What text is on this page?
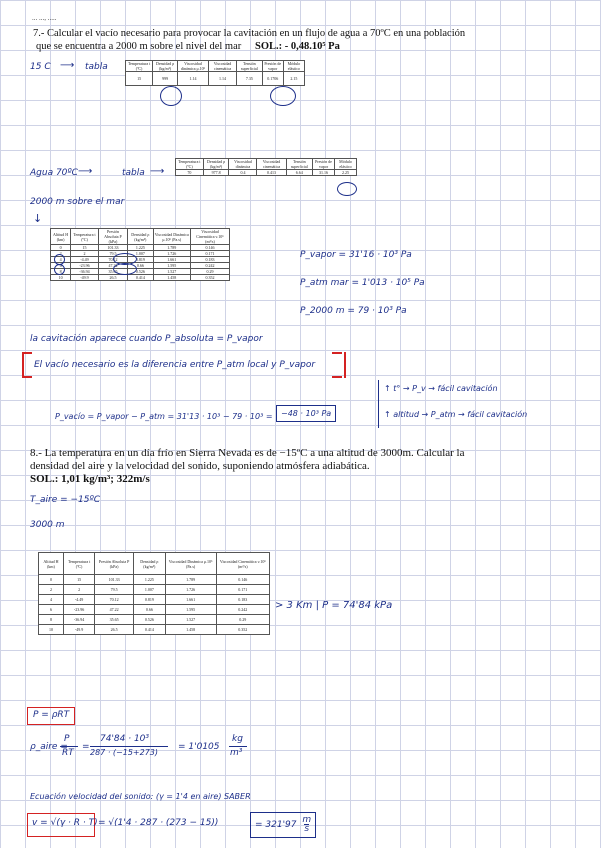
... ..., .....
7.- Calcular el vacío necesario para provocar la cavitación en un flujo de agua a 70ºC en una población
que se encuentra a 2000 m sobre el nivel del mar SOL.: - 0,48.10⁵ Pa
15 C ⟶ tabla	Temperatura t (ºC)	Densidad ρ (kg/m³)	Viscosidad dinámica μ.10⁶	Viscosidad cinemática	Tensión superficial	Presión de vapor	Módulo elástico
15	999	1.14	1.14	7.35	0.1706	2.15
Agua 70ºC ⟶	tabla ⟶
Temperatura t (ºC)	Densidad ρ (kg/m³)	Viscosidad dinámica	Viscosidad cinemática	Tensión superficial	Presión de vapor	Módulo elástico
70	977.8	0.4	0.413	6.64	31.16	2.25
2000 m sobre el mar
↓
Altitud H (km)	Temperatura t (ºC)	Presión Absoluta P (kPa)	Densidad ρ (kg/m³)	Viscosidad Dinámica μ.10⁶ (Pa.s)	Viscosidad Cinemática ν.10⁶ (m²/s)
0	15	101.33	1.225	1.789	0.146
2	2	79.5	1.007	1.726	0.171
4	-4.49	70.12	0.819	1.661	0.183
6	-23.96	47.22	0.66	1.595	0.242
8	-36.94	35.65	0.526	1.527	0.29
10	-49.9	26.5	0.414	1.458	0.352
P_vapor = 31'16 · 10³ Pa
P_atm mar = 1'013 · 10⁵ Pa
P_2000 m = 79 · 10³ Pa
la cavitación aparece cuando P_absoluta = P_vapor
El vacío necesario es la diferencia entre P_atm local y P_vapor
↑ t° → P_v → fácil cavitación
↑ altitud → P_atm → fácil cavitación
P_vacío = P_vapor − P_atm = 31'13 · 10³ − 79 · 10³ =	−48 · 10³ Pa
8.- La temperatura en un día frío en Sierra Nevada es de −15ºC a una altitud de 3000m. Calcular la
densidad del aire y la velocidad del sonido, suponiendo atmósfera adiabática.
SOL.: 1,01 kg/m³; 322m/s
T_aire = −15ºC
3000 m
Altitud H (km)	Temperatura t (ºC)	Presión Absoluta P (kPa)	Densidad ρ (kg/m³)	Viscosidad Dinámica μ.10⁶ (Pa.s)	Viscosidad Cinemática ν.10⁶ (m²/s)
0	15	101.33	1.225	1.789	0.146
2	2	79.5	1.007	1.726	0.171
4	-4.49	70.12	0.819	1.661	0.183
6	-23.96	47.22	0.66	1.595	0.242
8	-36.94	35.65	0.526	1.527	0.29
10	-49.9	26.5	0.414	1.458	0.352
> 3 Km | P = 74'84 kPa
P = ρRT
ρ_aire =
P
RT
=
74'84 · 10³
287 · (−15+273)
= 1'0105
kg
m³
Ecuación velocidad del sonido: (γ = 1'4 en aire) SABER
v = √(γ · R · T) = √(1'4 · 287 · (273 − 15))	= $321'97 \frac{m}{s}$
